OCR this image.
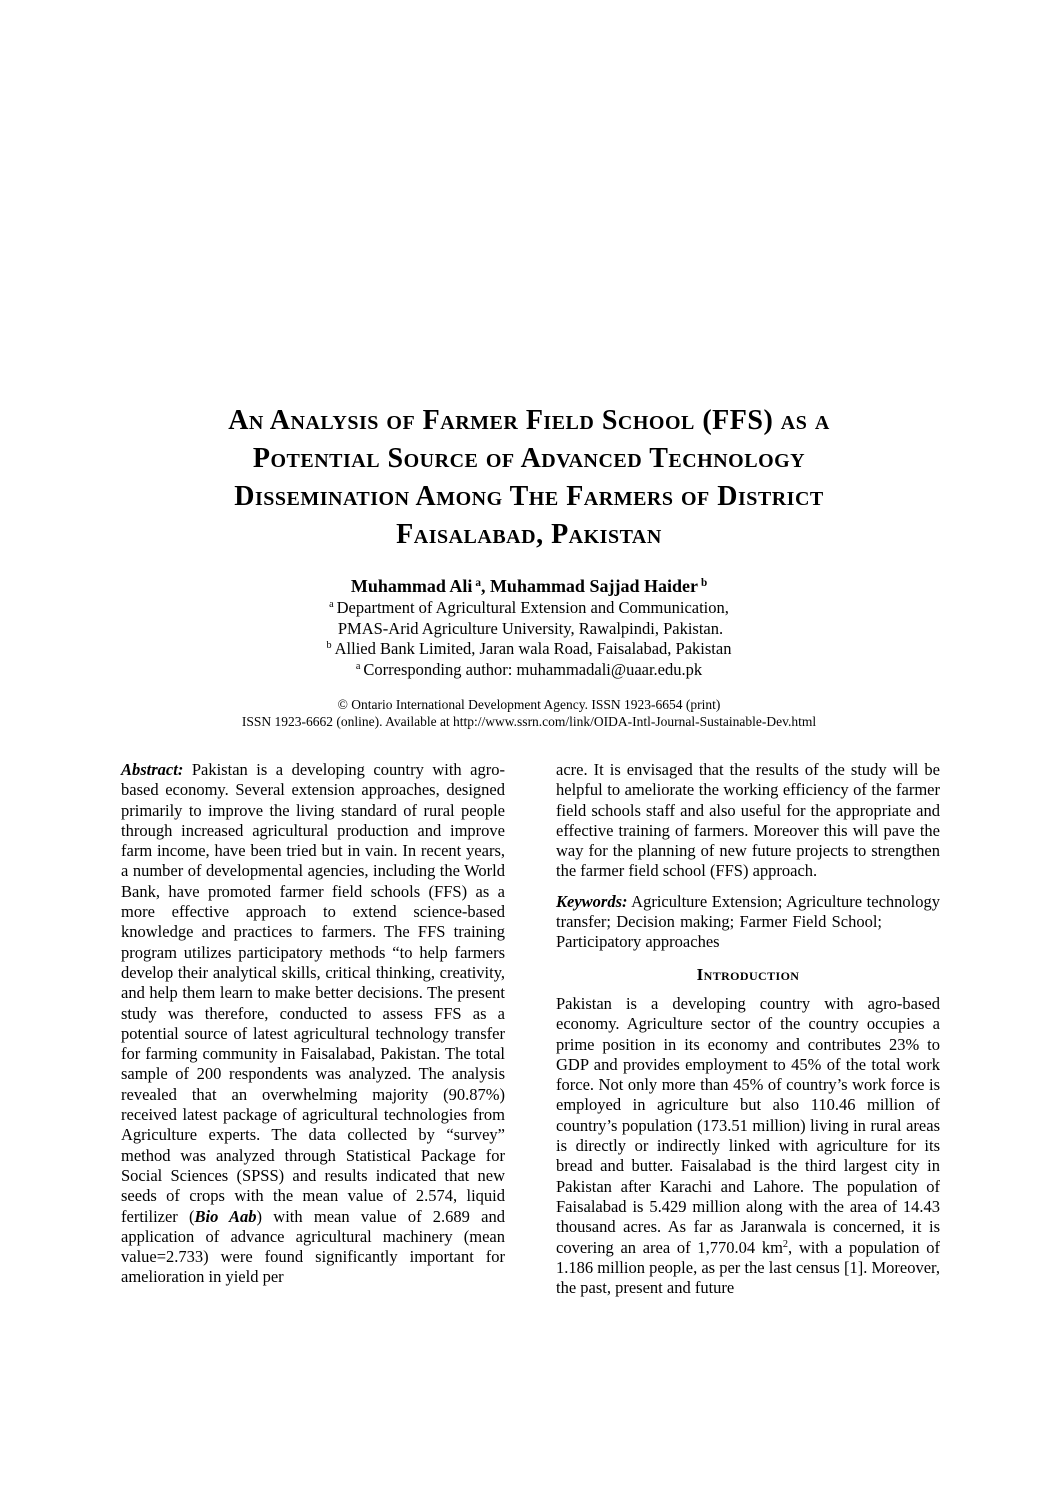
An Analysis of Farmer Field School (FFS) as a
Potential Source of Advanced Technology
Dissemination Among The Farmers of District
Faisalabad, Pakistan
Muhammad Ali $^a$, Muhammad Sajjad Haider $^b$
$^a$ Department of Agricultural Extension and Communication,
PMAS-Arid Agriculture University, Rawalpindi, Pakistan.
$^b$ Allied Bank Limited, Jaran wala Road, Faisalabad, Pakistan
$^a$ Corresponding author: muhammadali@uaar.edu.pk
© Ontario International Development Agency. ISSN 1923-6654 (print)
ISSN 1923-6662 (online). Available at http://www.ssrn.com/link/OIDA-Intl-Journal-Sustainable-Dev.html

Abstract: Pakistan is a developing country with agro-based economy. Several extension approaches, designed primarily to improve the living standard of rural people through increased agricultural production and improve farm income, have been tried but in vain. In recent years, a number of developmental agencies, including the World Bank, have promoted farmer field schools (FFS) as a more effective approach to extend science-based knowledge and practices to farmers. The FFS training program utilizes participatory methods “to help farmers develop their analytical skills, critical thinking, creativity, and help them learn to make better decisions. The present study was therefore, conducted to assess FFS as a potential source of latest agricultural technology transfer for farming community in Faisalabad, Pakistan. The total sample of 200 respondents was analyzed. The analysis revealed that an overwhelming majority (90.87%) received latest package of agricultural technologies from Agriculture experts. The data collected by “survey” method was analyzed through Statistical Package for Social Sciences (SPSS) and results indicated that new seeds of crops with the mean value of 2.574, liquid fertilizer (Bio Aab) with mean value of 2.689 and application of advance agricultural machinery (mean value=2.733) were found significantly important for amelioration in yield per

acre. It is envisaged that the results of the study will be helpful to ameliorate the working efficiency of the farmer field schools staff and also useful for the appropriate and effective training of farmers. Moreover this will pave the way for the planning of new future projects to strengthen the farmer field school (FFS) approach.

Keywords: Agriculture Extension; Agriculture technology transfer; Decision making; Farmer Field School;Participatory approaches

Introduction

Pakistan is a developing country with agro-based economy. Agriculture sector of the country occupies a prime position in its economy and contributes 23% to GDP and provides employment to 45% of the total work force. Not only more than 45% of country’s work force is employed in agriculture but also 110.46 million of country’s population (173.51 million) living in rural areas is directly or indirectly linked with agriculture for its bread and butter. Faisalabad is the third largest city in Pakistan after Karachi and Lahore. The population of Faisalabad is 5.429 million along with the area of 14.43 thousand acres. As far as Jaranwala is concerned, it is covering an area of 1,770.04 $km^2$, with a population of 1.186 million people, as per the last census [1]. Moreover, the past, present and future
